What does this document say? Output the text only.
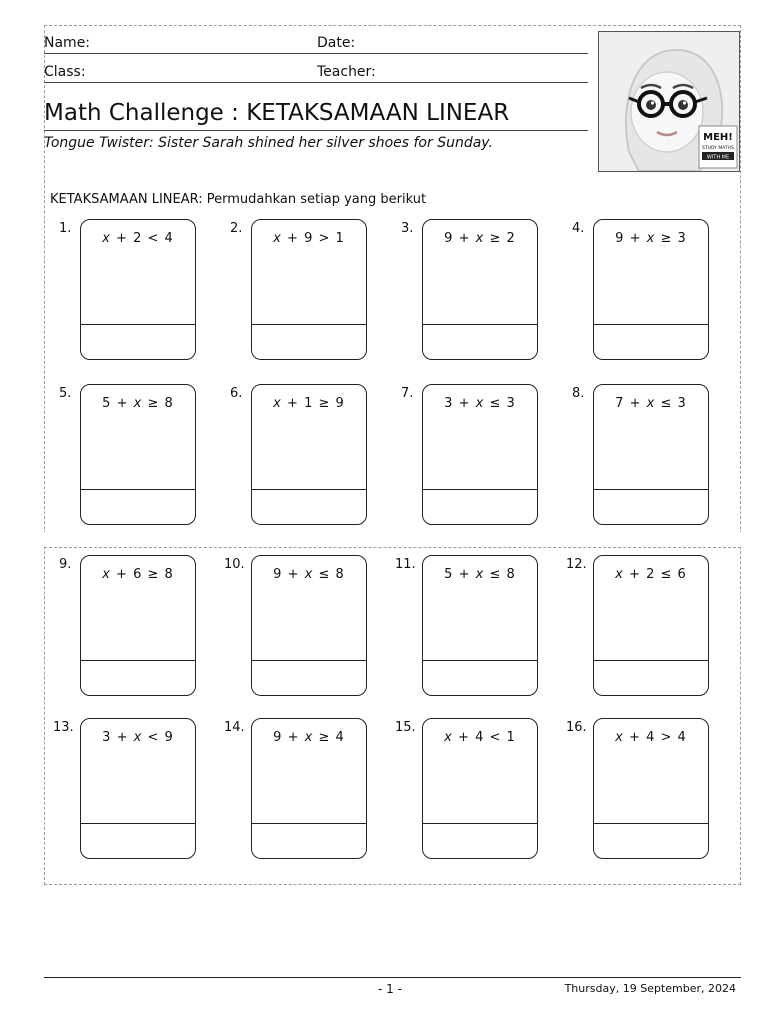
Name:	Date:
Class:	Teacher:
Math Challenge : KETAKSAMAAN LINEAR
Tongue Twister: Sister Sarah shined her silver shoes for Sunday.	MEH!
STUDY MATHS
WITH ME
KETAKSAMAAN LINEAR: Permudahkan setiap yang berikut
1.
x + 2 < 4
2.
x + 9 > 1
3.
9 + x ≥ 2
4.
9 + x ≥ 3
5.
5 + x ≥ 8
6.
x + 1 ≥ 9
7.
3 + x ≤ 3
8.
7 + x ≤ 3
9.
x + 6 ≥ 8
10.
9 + x ≤ 8
11.
5 + x ≤ 8
12.
x + 2 ≤ 6
13.
3 + x < 9
14.
9 + x ≥ 4
15.
x + 4 < 1
16.
x + 4 > 4
- 1 -	Thursday, 19 September, 2024
